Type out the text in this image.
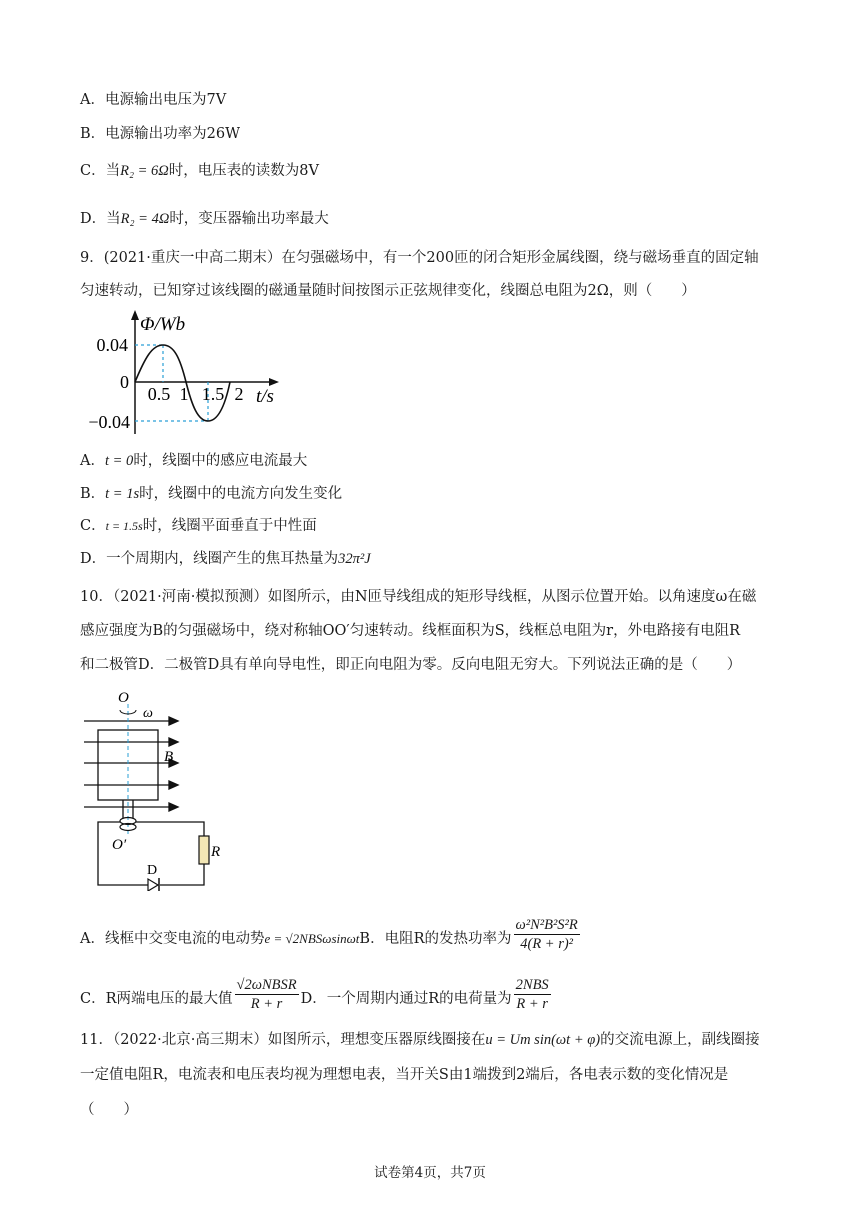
A．电源输出电压为7V
B．电源输出功率为26W
C．当R₂ = 6Ω时，电压表的读数为8V
D．当R₂ = 4Ω时，变压器输出功率最大
9．(2021·重庆一中高二期末）在匀强磁场中，有一个200匝的闭合矩形金属线圈，绕与磁场垂直的固定轴
匀速转动，已知穿过该线圈的磁通量随时间按图示正弦规律变化，线圈总电阻为2Ω，则（　　）
Φ/Wb
0.04
0
−0.04
0.5 1 1.5 2 t/s
A．t = 0时，线圈中的感应电流最大
B．t = 1s时，线圈中的电流方向发生变化
C．t = 1.5s时，线圈平面垂直于中性面
D．一个周期内，线圈产生的焦耳热量为32π²J
10．（2021·河南·模拟预测）如图所示，由N匝导线组成的矩形导线框，从图示位置开始。以角速度ω在磁
感应强度为B的匀强磁场中，绕对称轴OO′匀速转动。线框面积为S，线框总电阻为r，外电路接有电阻R
和二极管D．二极管D具有单向导电性，即正向电阻为零。反向电阻无穷大。下列说法正确的是（　　）
O
ω
B
O′	R
D
A．线框中交变电流的电动势e = √2NBSωsinωtB．电阻R的发热功率为 $\frac{\text{ω²N²B²S²R}}{\text{4(R + r)²}}$
C．R两端电压的最大值 $\frac{\text{√2ωNBSR}}{R + r}$ D．一个周期内通过R的电荷量为 $\frac{\text{2NBS}}{R + r}$
11．（2022·北京·高三期末）如图所示，理想变压器原线圈接在u = Um sin(ωt + φ)的交流电源上，副线圈接
一定值电阻R，电流表和电压表均视为理想电表，当开关S由1端拨到2端后，各电表示数的变化情况是
（　　）
试卷第4页，共7页
